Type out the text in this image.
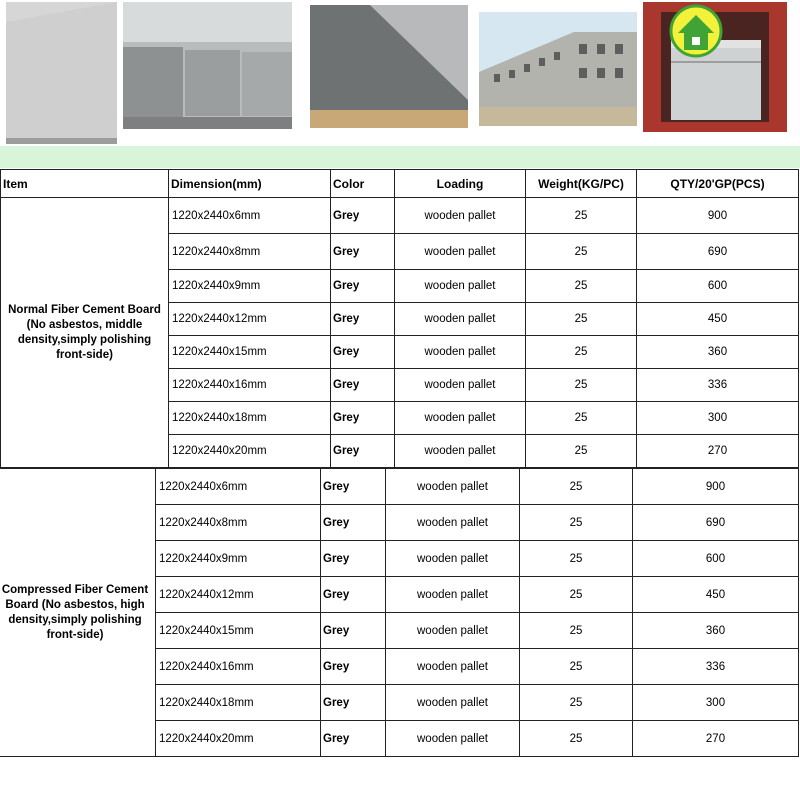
Item	Dimension(mm)	Color	Loading	Weight(KG/PC)	QTY/20'GP(PCS)
Normal Fiber Cement Board (No asbestos, middle density,simply polishing front-side)	1220x2440x6mm	Grey	wooden pallet	25	900
	1220x2440x8mm	Grey	wooden pallet	25	690
	1220x2440x9mm	Grey	wooden pallet	25	600
	1220x2440x12mm	Grey	wooden pallet	25	450
	1220x2440x15mm	Grey	wooden pallet	25	360
	1220x2440x16mm	Grey	wooden pallet	25	336
	1220x2440x18mm	Grey	wooden pallet	25	300
	1220x2440x20mm	Grey	wooden pallet	25	270
Compressed Fiber Cement Board (No asbestos, high density,simply polishing front-side)	1220x2440x6mm	Grey	wooden pallet	25	900
	1220x2440x8mm	Grey	wooden pallet	25	690
	1220x2440x9mm	Grey	wooden pallet	25	600
	1220x2440x12mm	Grey	wooden pallet	25	450
	1220x2440x15mm	Grey	wooden pallet	25	360
	1220x2440x16mm	Grey	wooden pallet	25	336
	1220x2440x18mm	Grey	wooden pallet	25	300
	1220x2440x20mm	Grey	wooden pallet	25	270
